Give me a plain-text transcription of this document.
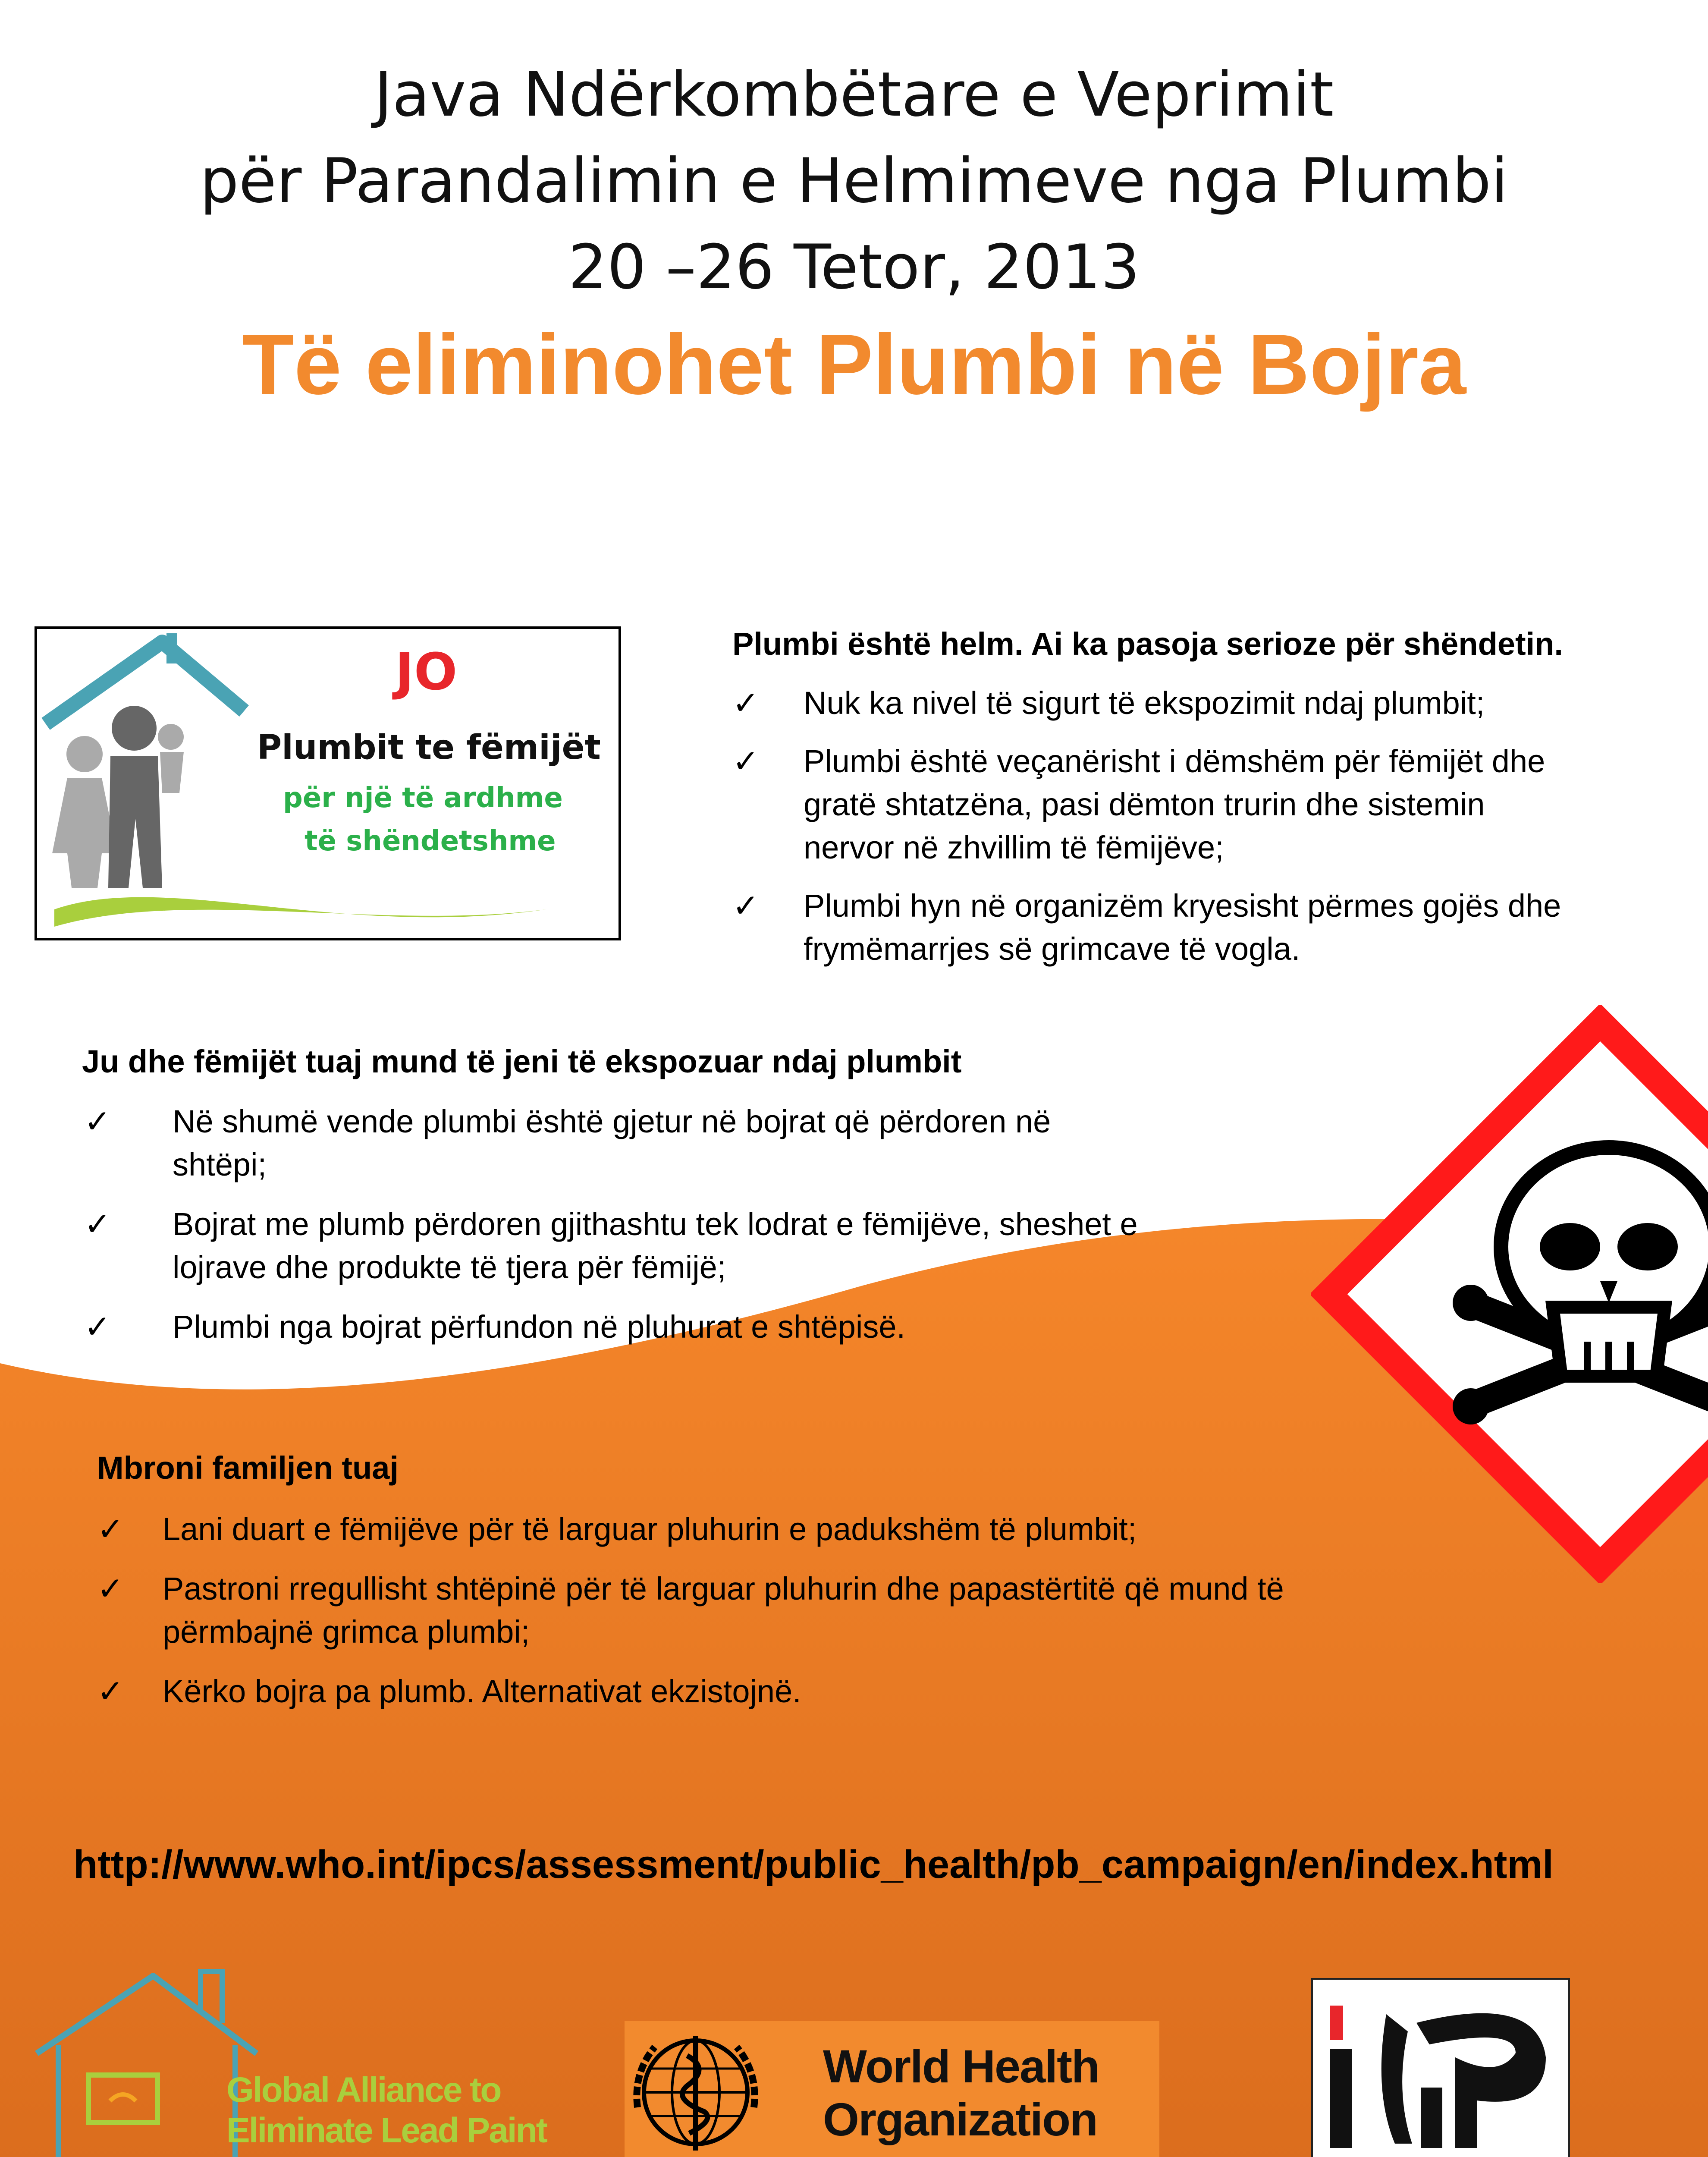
Java Ndërkombëtare e Veprimit
për Parandalimin e Helmimeve nga Plumbi
20 –26 Tetor, 2013
Të eliminohet Plumbi në Bojra
JO
Plumbit te fëmijët
për një të ardhme
të shëndetshme
Plumbi është helm. Ai ka pasoja serioze për shëndetin.
✓ Nuk ka nivel të sigurt të ekspozimit ndaj plumbit;
✓ Plumbi është veçanërisht i dëmshëm për fëmijët dhe
gratë shtatzëna, pasi dëmton trurin dhe sistemin
nervor në zhvillim të fëmijëve;
✓ Plumbi hyn në organizëm kryesisht përmes gojës dhe
frymëmarrjes së grimcave të vogla.
Ju dhe fëmijët tuaj mund të jeni të ekspozuar ndaj plumbit
✓ Në shumë vende plumbi është gjetur në bojrat që përdoren në
shtëpi;
✓ Bojrat me plumb përdoren gjithashtu tek lodrat e fëmijëve, sheshet e
lojrave dhe produkte të tjera për fëmijë;
✓ Plumbi nga bojrat përfundon në pluhurat e shtëpisë.
Mbroni familjen tuaj
✓ Lani duart e fëmijëve për të larguar pluhurin e padukshëm të plumbit;
✓ Pastroni rregullisht shtëpinë për të larguar pluhurin dhe papastërtitë që mund të
përmbajnë grimca plumbi;
✓ Kërko bojra pa plumb. Alternativat ekzistojnë.
http://www.who.int/ipcs/assessment/public_health/pb_campaign/en/index.html
Global Alliance to
Eliminate Lead Paint
World Health
Organization
